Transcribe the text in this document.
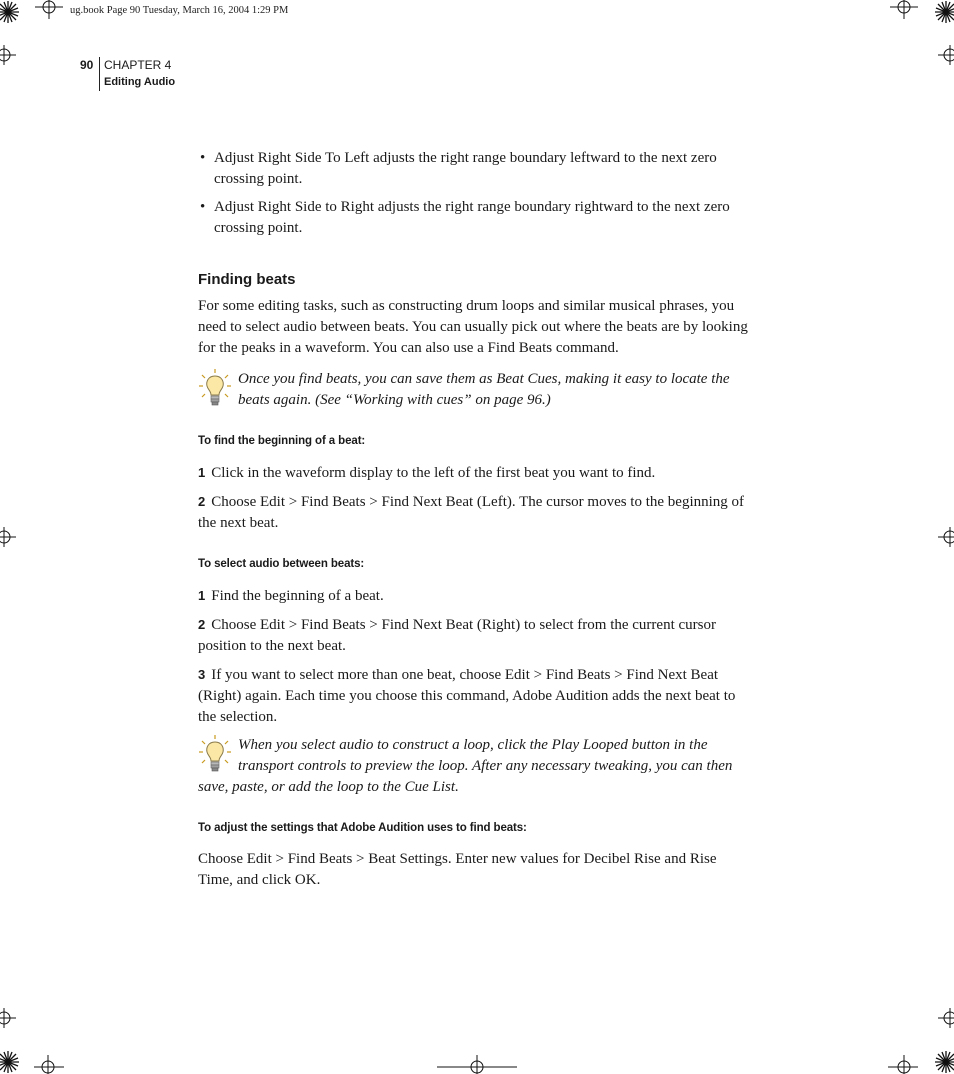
ug.book Page 90 Tuesday, March 16, 2004 1:29 PM
90 CHAPTER 4
Editing Audio

• Adjust Right Side To Left adjusts the right range boundary leftward to the next zero crossing point.

• Adjust Right Side to Right adjusts the right range boundary rightward to the next zero crossing point.

Finding beats

For some editing tasks, such as constructing drum loops and similar musical phrases, you need to select audio between beats. You can usually pick out where the beats are by looking for the peaks in a waveform. You can also use a Find Beats command.

Once you find beats, you can save them as Beat Cues, making it easy to locate the beats again. (See “Working with cues” on page 96.)

To find the beginning of a beat:

1 Click in the waveform display to the left of the first beat you want to find.

2 Choose Edit > Find Beats > Find Next Beat (Left). The cursor moves to the beginning of the next beat.

To select audio between beats:

1 Find the beginning of a beat.

2 Choose Edit > Find Beats > Find Next Beat (Right) to select from the current cursor position to the next beat.

3 If you want to select more than one beat, choose Edit > Find Beats > Find Next Beat (Right) again. Each time you choose this command, Adobe Audition adds the next beat to the selection.

When you select audio to construct a loop, click the Play Looped button in the transport controls to preview the loop. After any necessary tweaking, you can then save, paste, or add the loop to the Cue List.

To adjust the settings that Adobe Audition uses to find beats:

Choose Edit > Find Beats > Beat Settings. Enter new values for Decibel Rise and Rise Time, and click OK.
